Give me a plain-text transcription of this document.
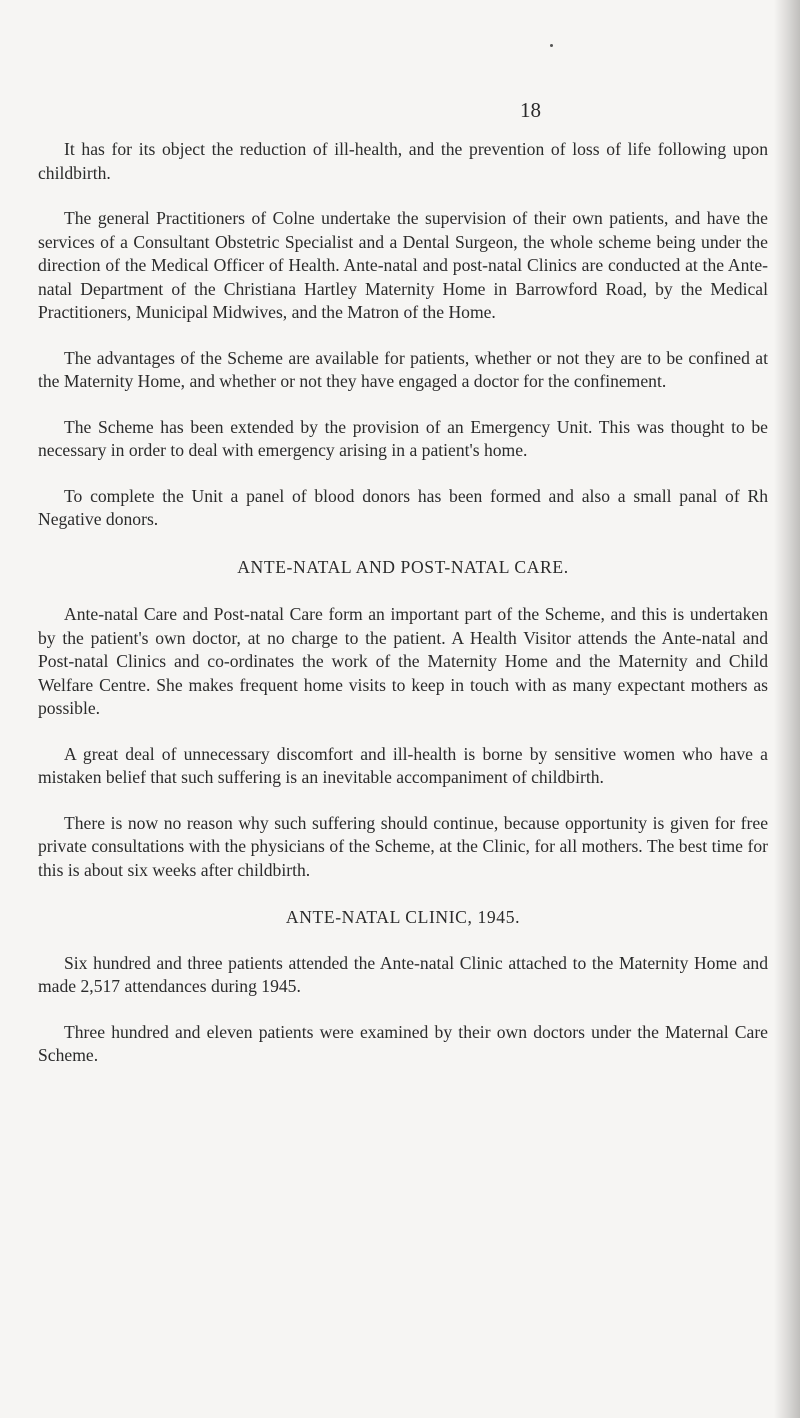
18

It has for its object the reduction of ill-health, and the prevention of loss of life following upon childbirth.

The general Practitioners of Colne undertake the supervision of their own patients, and have the services of a Consultant Obstetric Specialist and a Dental Surgeon, the whole scheme being under the direction of the Medical Officer of Health. Ante-natal and post-natal Clinics are conducted at the Ante-natal Department of the Christiana Hartley Maternity Home in Barrowford Road, by the Medical Practitioners, Municipal Midwives, and the Matron of the Home.

The advantages of the Scheme are available for patients, whether or not they are to be confined at the Maternity Home, and whether or not they have engaged a doctor for the confinement.

The Scheme has been extended by the provision of an Emergency Unit. This was thought to be necessary in order to deal with emergency arising in a patient's home.

To complete the Unit a panel of blood donors has been formed and also a small panal of Rh Negative donors.

ANTE-NATAL AND POST-NATAL CARE.

Ante-natal Care and Post-natal Care form an important part of the Scheme, and this is undertaken by the patient's own doctor, at no charge to the patient. A Health Visitor attends the Ante-natal and Post-natal Clinics and co-ordinates the work of the Maternity Home and the Maternity and Child Welfare Centre. She makes frequent home visits to keep in touch with as many expectant mothers as possible.

A great deal of unnecessary discomfort and ill-health is borne by sensitive women who have a mistaken belief that such suffering is an inevitable accompaniment of childbirth.

There is now no reason why such suffering should continue, because opportunity is given for free private consultations with the physicians of the Scheme, at the Clinic, for all mothers. The best time for this is about six weeks after childbirth.

ANTE-NATAL CLINIC, 1945.

Six hundred and three patients attended the Ante-natal Clinic attached to the Maternity Home and made 2,517 attendances during 1945.

Three hundred and eleven patients were examined by their own doctors under the Maternal Care Scheme.
